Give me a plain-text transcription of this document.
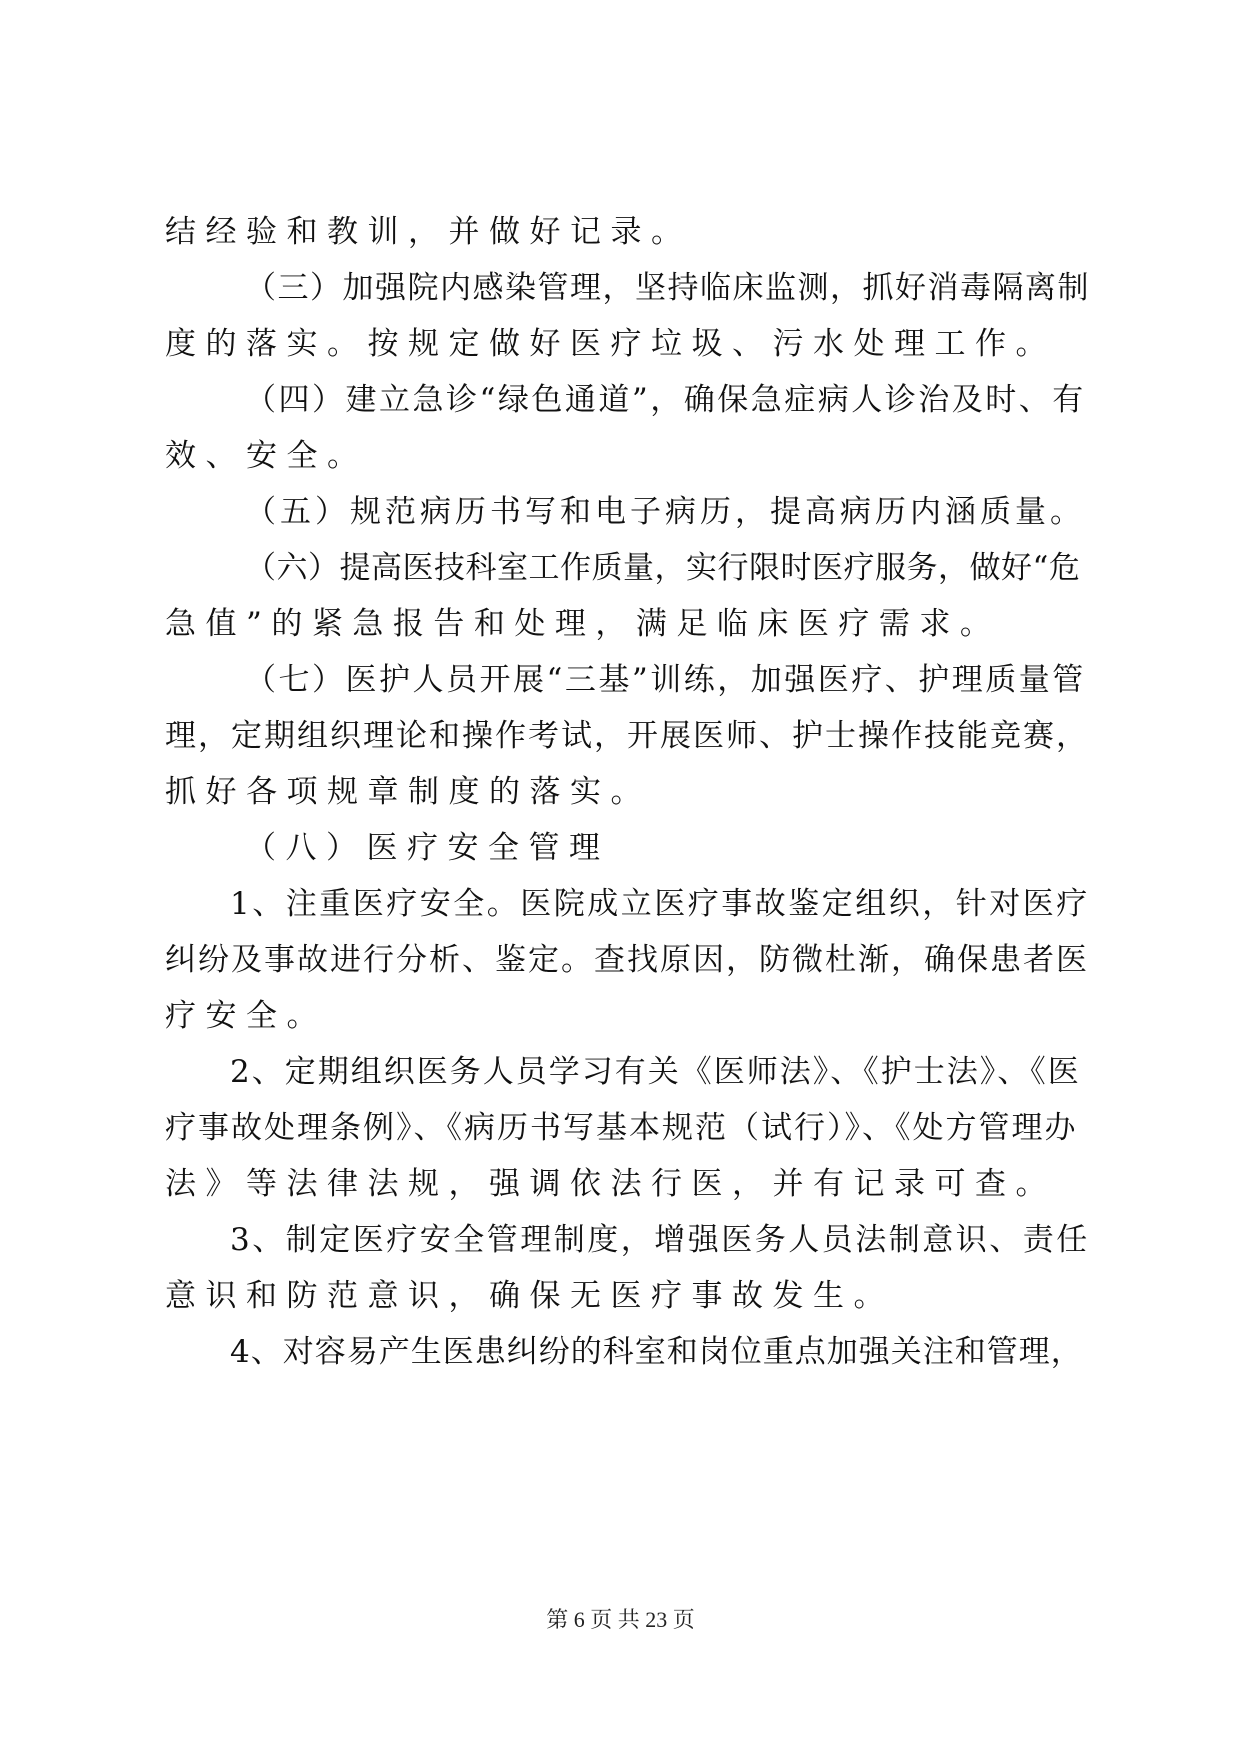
结经验和教训，并做好记录。
（三）加强院内感染管理，坚持临床监测，抓好消毒隔离制
度的落实。按规定做好医疗垃圾、污水处理工作。
（四）建立急诊“绿色通道”，确保急症病人诊治及时、有
效、安全。
（五）规范病历书写和电子病历，提高病历内涵质量。
（六）提高医技科室工作质量，实行限时医疗服务，做好“危
急值”的紧急报告和处理，满足临床医疗需求。
（七）医护人员开展“三基”训练，加强医疗、护理质量管
理，定期组织理论和操作考试，开展医师、护士操作技能竞赛，
抓好各项规章制度的落实。
（八）医疗安全管理
1、注重医疗安全。医院成立医疗事故鉴定组织，针对医疗
纠纷及事故进行分析、鉴定。查找原因，防微杜渐，确保患者医
疗安全。
2、定期组织医务人员学习有关《医师法》、《护士法》、《医
疗事故处理条例》、《病历书写基本规范（试行）》、《处方管理办
法》等法律法规，强调依法行医，并有记录可查。
3、制定医疗安全管理制度，增强医务人员法制意识、责任
意识和防范意识，确保无医疗事故发生。
4、对容易产生医患纠纷的科室和岗位重点加强关注和管理，
第 6 页 共 23 页
